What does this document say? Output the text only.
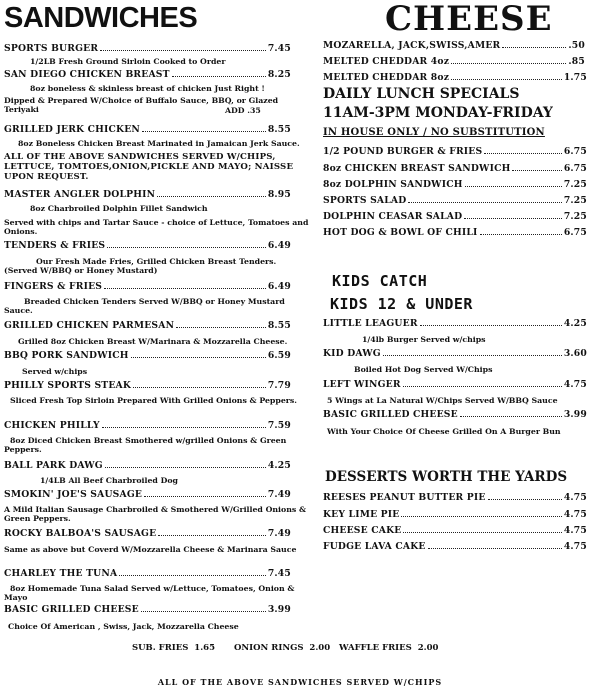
SANDWICHES
SPORTS BURGER	7.45
1/2LB Fresh Ground Sirloin Cooked to Order
SAN DIEGO CHICKEN BREAST	8.25
8oz boneless & skinless breast of chicken Just Right !
Dipped & Prepared W/Choice of Buffalo Sauce, BBQ, or Glazed Teriyaki	ADD .35
GRILLED JERK CHICKEN	8.55
8oz Boneless Chicken Breast Marinated in Jamaican Jerk Sauce.
ALL OF THE ABOVE SANDWICHES SERVED W/CHIPS, LETTUCE, TOMTOES,ONION,PICKLE AND MAYO; NAISSE UPON REQUEST.
MASTER ANGLER DOLPHIN	8.95
8oz Charbroiled Dolphin Fillet Sandwich
Served with chips and Tartar Sauce - choice of Lettuce, Tomatoes and Onions.
TENDERS & FRIES	6.49
Our Fresh Made Fries, Grilled Chicken Breast Tenders. (Served W/BBQ or Honey Mustard)
FINGERS & FRIES	6.49
Breaded Chicken Tenders Served W/BBQ or Honey Mustard Sauce.
GRILLED CHICKEN PARMESAN	8.55
Grilled 8oz Chicken Breast W/Marinara & Mozzarella Cheese.
BBQ PORK SANDWICH	6.59
Served w/chips
PHILLY SPORTS STEAK	7.79
Sliced Fresh Top Sirloin Prepared With Grilled Onions & Peppers.
CHICKEN PHILLY	7.59
8oz Diced Chicken Breast Smothered w/grilled Onions & Green Peppers.
BALL PARK DAWG	4.25
1/4LB All Beef Charbroiled Dog
SMOKIN' JOE'S SAUSAGE	7.49
A Mild Italian Sausage Charbroiled & Smothered W/Grilled Onions & Green Peppers.
ROCKY BALBOA'S SAUSAGE	7.49
Same as above but Coverd W/Mozzarella Cheese & Marinara Sauce
CHARLEY THE TUNA	7.45
8oz Homemade Tuna Salad Served w/Lettuce, Tomatoes, Onion & Mayo
BASIC GRILLED CHEESE	3.99
Choice Of American , Swiss, Jack, Mozzarella Cheese
CHEESE
MOZARELLA, JACK,SWISS,AMER	.50
MELTED CHEDDAR 4oz	.85
MELTED CHEDDAR 8oz	1.75
DAILY LUNCH SPECIALS
11AM-3PM MONDAY-FRIDAY
IN HOUSE ONLY / NO SUBSTITUTION
1/2 POUND BURGER & FRIES	6.75
8oz CHICKEN BREAST SANDWICH	6.75
8oz DOLPHIN SANDWICH	7.25
SPORTS SALAD	7.25
DOLPHIN CEASAR SALAD	7.25
HOT DOG & BOWL OF CHILI	6.75
KIDS CATCH
KIDS 12 & UNDER
LITTLE LEAGUER	4.25
1/4lb Burger Served w/chips
KID DAWG	3.60
Boiled Hot Dog Served W/Chips
LEFT WINGER	4.75
5 Wings at La Natural W/Chips Served W/BBQ Sauce
BASIC GRILLED CHEESE	3.99
With Your Choice Of Cheese Grilled On A Burger Bun
DESSERTS WORTH THE YARDS
REESES PEANUT BUTTER PIE	4.75
KEY LIME PIE	4.75
CHEESE CAKE	4.75
FUDGE LAVA CAKE	4.75
SUB. FRIES 1.65 ONION RINGS 2.00 WAFFLE FRIES 2.00
ALL OF THE ABOVE SANDWICHES SERVED W/CHIPS
